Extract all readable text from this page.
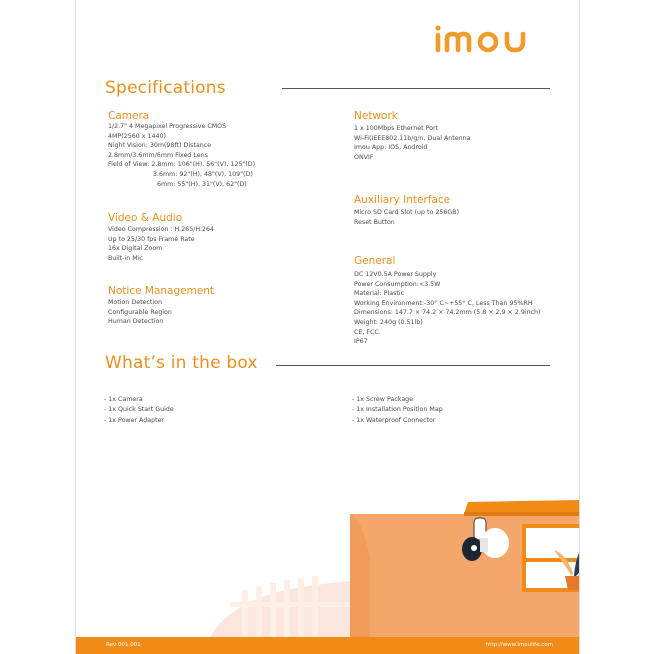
Specifications
Camera
1/2.7" 4 Megapixel Progressive CMOS
4MP(2560 x 1440)
Night Vision: 30m(98ft) Distance
2.8mm/3.6mm/6mm Fixed Lens
Field of View: 2.8mm: 106"(H), 56"(V), 125"(D)
3.6mm: 92"(H), 48"(V), 109"(D)
6mm: 55"(H), 31"(V), 62"(D)
Video & Audio
Video Compression : H.265/H.264
Up to 25/30 fps Frame Rate
16x Digital Zoom
Built-in Mic
Notice Management
Motion Detection
Configurable Region
Human Detection
Network
1 x 100Mbps Ethernet Port
Wi-Fi(IEEE802.11b/g/n, Dual Antenna
Imou App: IOS, Android
ONVIF
Auxiliary Interface
Micro SD Card Slot (up to 256GB)
Reset Button
General
DC 12V0.5A Power Supply
Power Consumption:<3.5W
Material: Plastic
Working Environment:-30° C~+55° C, Less Than 95%RH
Dimensions: 147.7 × 74.2 × 74.2mm (5.8 × 2.9 × 2.9inch)
Weight: 240g (0.51lb)
CE, FCC.
IP67
What’s in the box
- 1x Camera
- 1x Quick Start Guide
- 1x Power Adapter
- 1x Screw Package
- 1x Installation Position Map
- 1x Waterproof Connector
Rev 001.001	http://www.imoulife.com
